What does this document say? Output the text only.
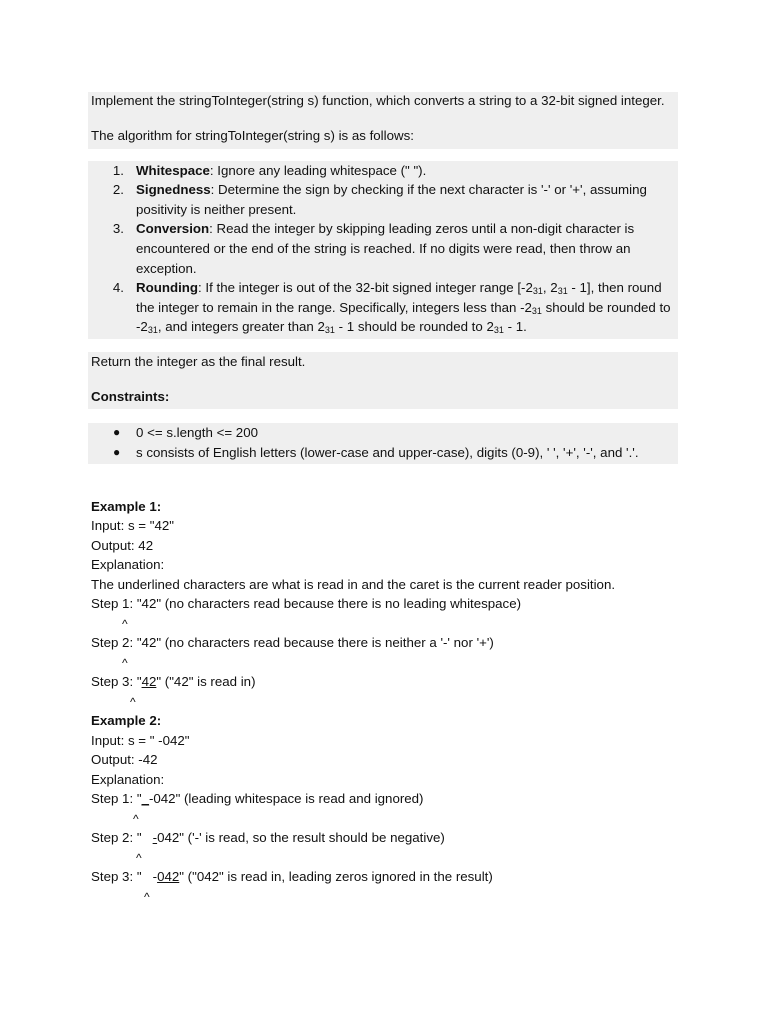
Implement the stringToInteger(string s) function, which converts a string to a 32-bit signed integer.
The algorithm for stringToInteger(string s) is as follows:
1. Whitespace: Ignore any leading whitespace (" ").
2. Signedness: Determine the sign by checking if the next character is '-' or '+', assuming
positivity is neither present.
3. Conversion: Read the integer by skipping leading zeros until a non-digit character is
encountered or the end of the string is reached. If no digits were read, then throw an
exception.
4. Rounding: If the integer is out of the 32-bit signed integer range [$-2_{31}$, $2_{31} - 1$], then round
the integer to remain in the range. Specifically, integers less than $-2_{31}$ should be rounded to
$-2_{31}$, and integers greater than $2_{31} - 1$ should be rounded to $2_{31} - 1$.
Return the integer as the final result.
Constraints:
● 0 <= s.length <= 200
● s consists of English letters (lower-case and upper-case), digits (0-9), ' ', '+', '-', and '.'.
Example 1:
Input: s = "42"
Output: 42
Explanation:
The underlined characters are what is read in and the caret is the current reader position.
Step 1: "42" (no characters read because there is no leading whitespace)
^
Step 2: "42" (no characters read because there is neither a '-' nor '+')
^
Step 3: "42" ("42" is read in)
^
Example 2:
Input: s = " -042"
Output: -42
Explanation:
Step 1: "_-042" (leading whitespace is read and ignored)
^
Step 2: "   -042" ('-' is read, so the result should be negative)
^
Step 3: "   -042" ("042" is read in, leading zeros ignored in the result)
^
